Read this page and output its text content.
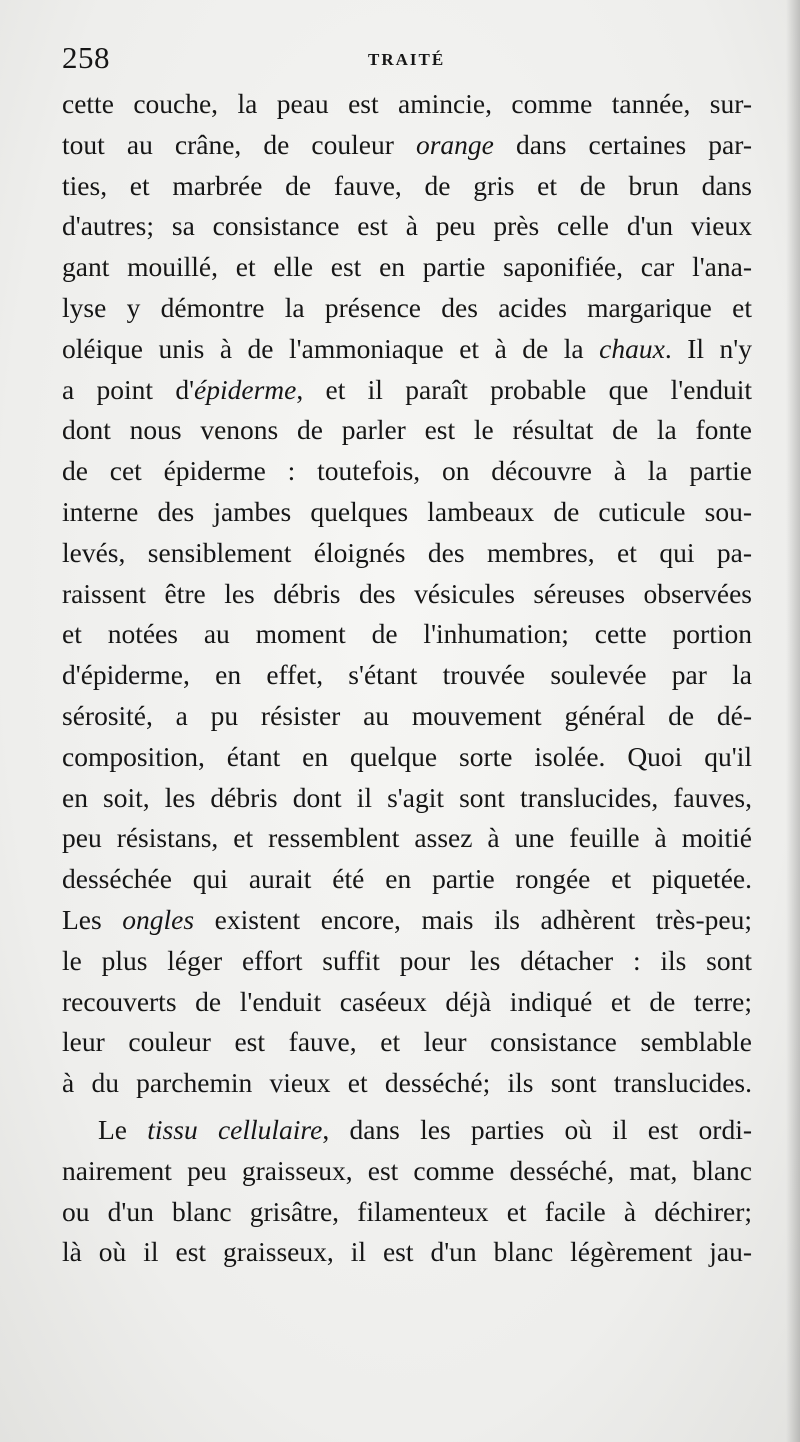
258	TRAITÉ
cette couche, la peau est amincie, comme tannée, sur-
tout au crâne, de couleur orange dans certaines par-
ties, et marbrée de fauve, de gris et de brun dans
d'autres; sa consistance est à peu près celle d'un vieux
gant mouillé, et elle est en partie saponifiée, car l'ana-
lyse y démontre la présence des acides margarique et
oléique unis à de l'ammoniaque et à de la chaux. Il n'y
a point d'épiderme, et il paraît probable que l'enduit
dont nous venons de parler est le résultat de la fonte
de cet épiderme : toutefois, on découvre à la partie
interne des jambes quelques lambeaux de cuticule sou-
levés, sensiblement éloignés des membres, et qui pa-
raissent être les débris des vésicules séreuses observées
et notées au moment de l'inhumation; cette portion
d'épiderme, en effet, s'étant trouvée soulevée par la
sérosité, a pu résister au mouvement général de dé-
composition, étant en quelque sorte isolée. Quoi qu'il
en soit, les débris dont il s'agit sont translucides, fauves,
peu résistans, et ressemblent assez à une feuille à moitié
desséchée qui aurait été en partie rongée et piquetée.
Les ongles existent encore, mais ils adhèrent très-peu;
le plus léger effort suffit pour les détacher : ils sont
recouverts de l'enduit caséeux déjà indiqué et de terre;
leur couleur est fauve, et leur consistance semblable
à du parchemin vieux et desséché; ils sont translucides.
Le tissu cellulaire, dans les parties où il est ordi-
nairement peu graisseux, est comme desséché, mat, blanc
ou d'un blanc grisâtre, filamenteux et facile à déchirer;
là où il est graisseux, il est d'un blanc légèrement jau-
